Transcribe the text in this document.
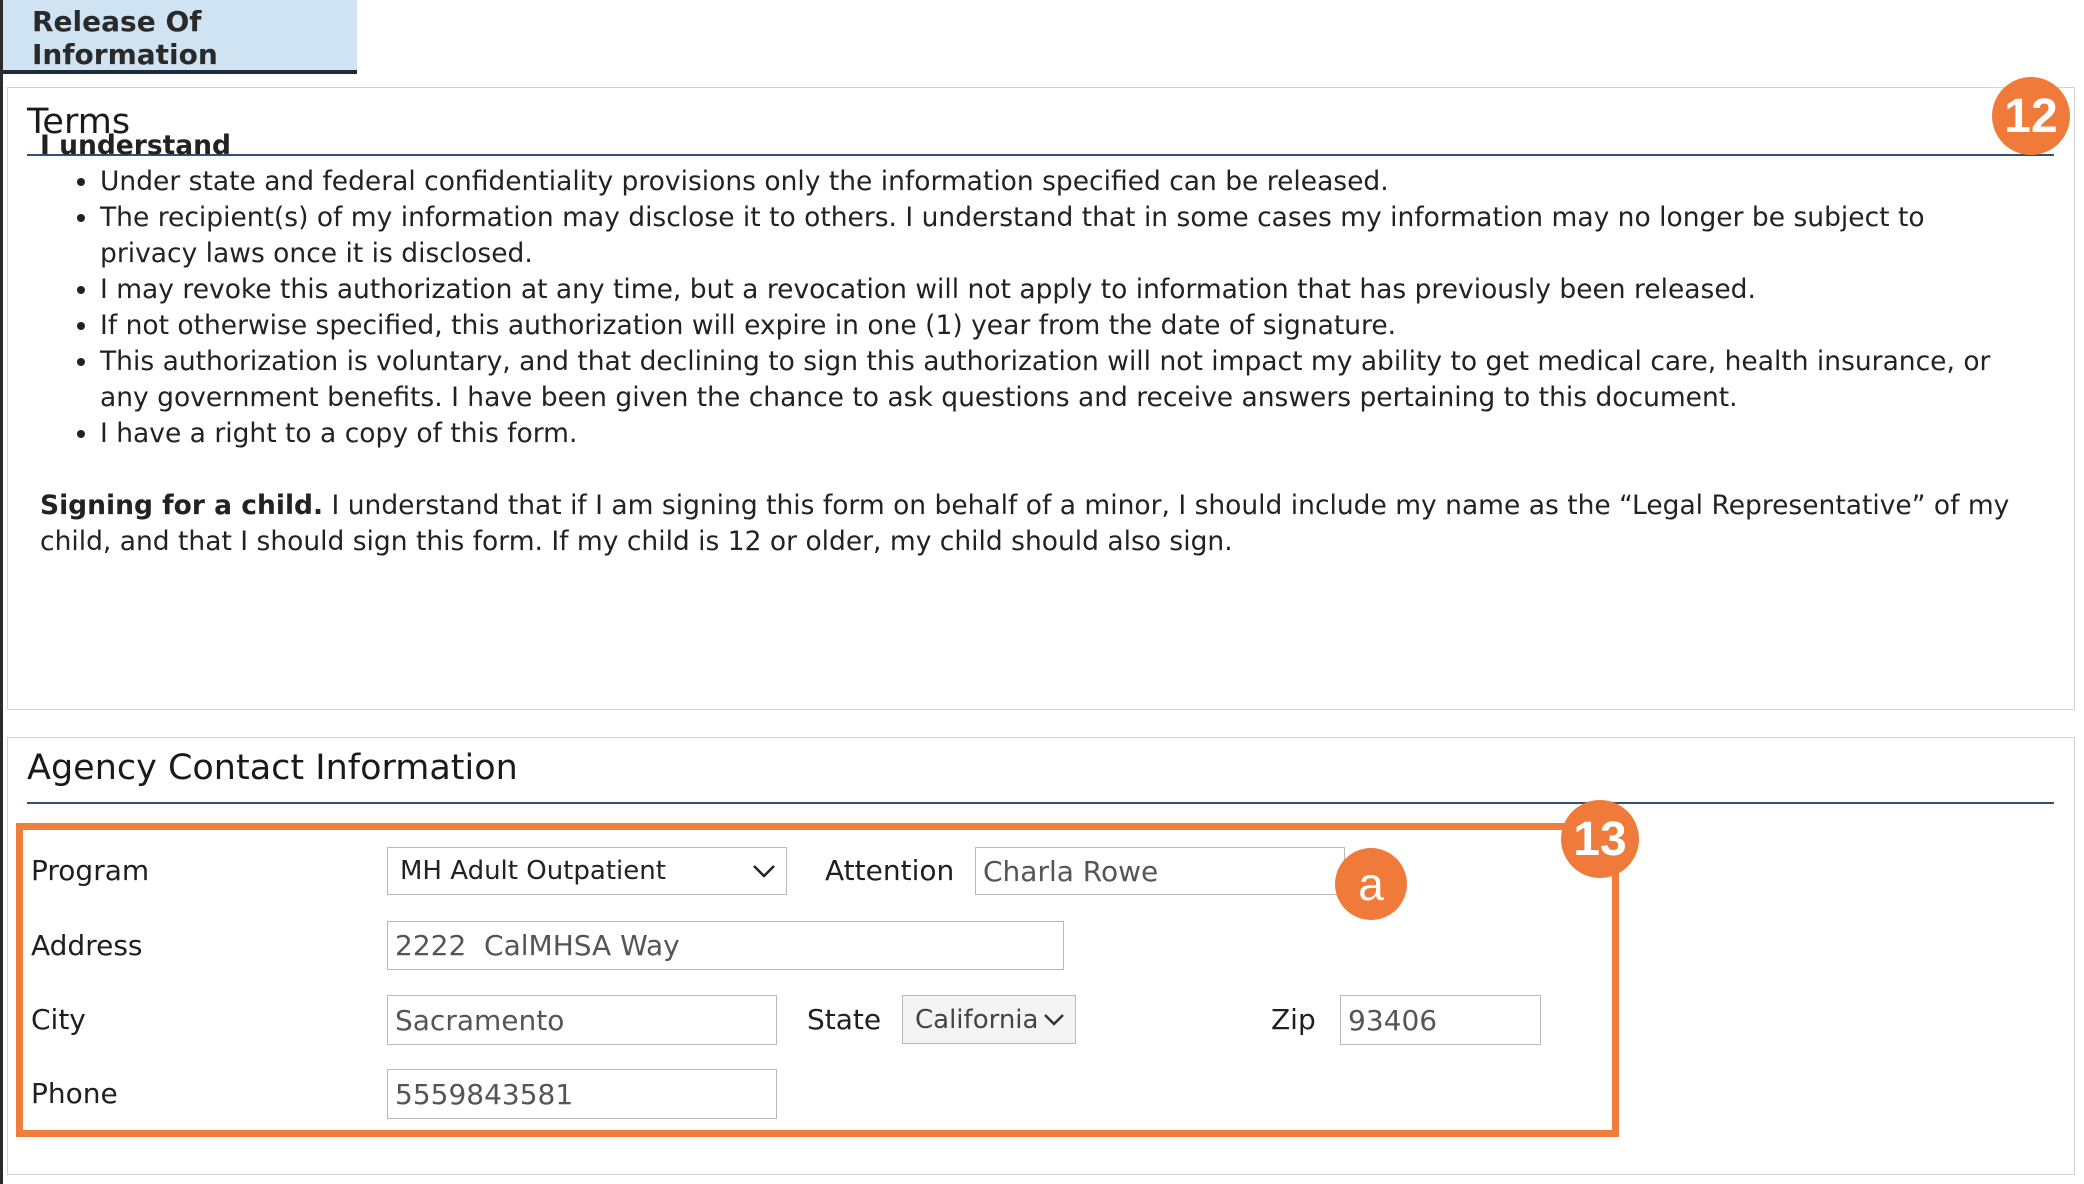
Release Of Information
Terms
I understand
• Under state and federal confidentiality provisions only the information specified can be released.
• The recipient(s) of my information may disclose it to others. I understand that in some cases my information may no longer be subject to privacy laws once it is disclosed.
• I may revoke this authorization at any time, but a revocation will not apply to information that has previously been released.
• If not otherwise specified, this authorization will expire in one (1) year from the date of signature.
• This authorization is voluntary, and that declining to sign this authorization will not impact my ability to get medical care, health insurance, or any government benefits. I have been given the chance to ask questions and receive answers pertaining to this document.
• I have a right to a copy of this form.
Signing for a child. I understand that if I am signing this form on behalf of a minor, I should include my name as the “Legal Representative” of my child, and that I should sign this form. If my child is 12 or older, my child should also sign.
12
Agency Contact Information
13
Program	MH Adult Outpatient	Attention Charla Rowe	a
Address	2222  CalMHSA Way
City	Sacramento	State California	Zip 93406
Phone	5559843581
